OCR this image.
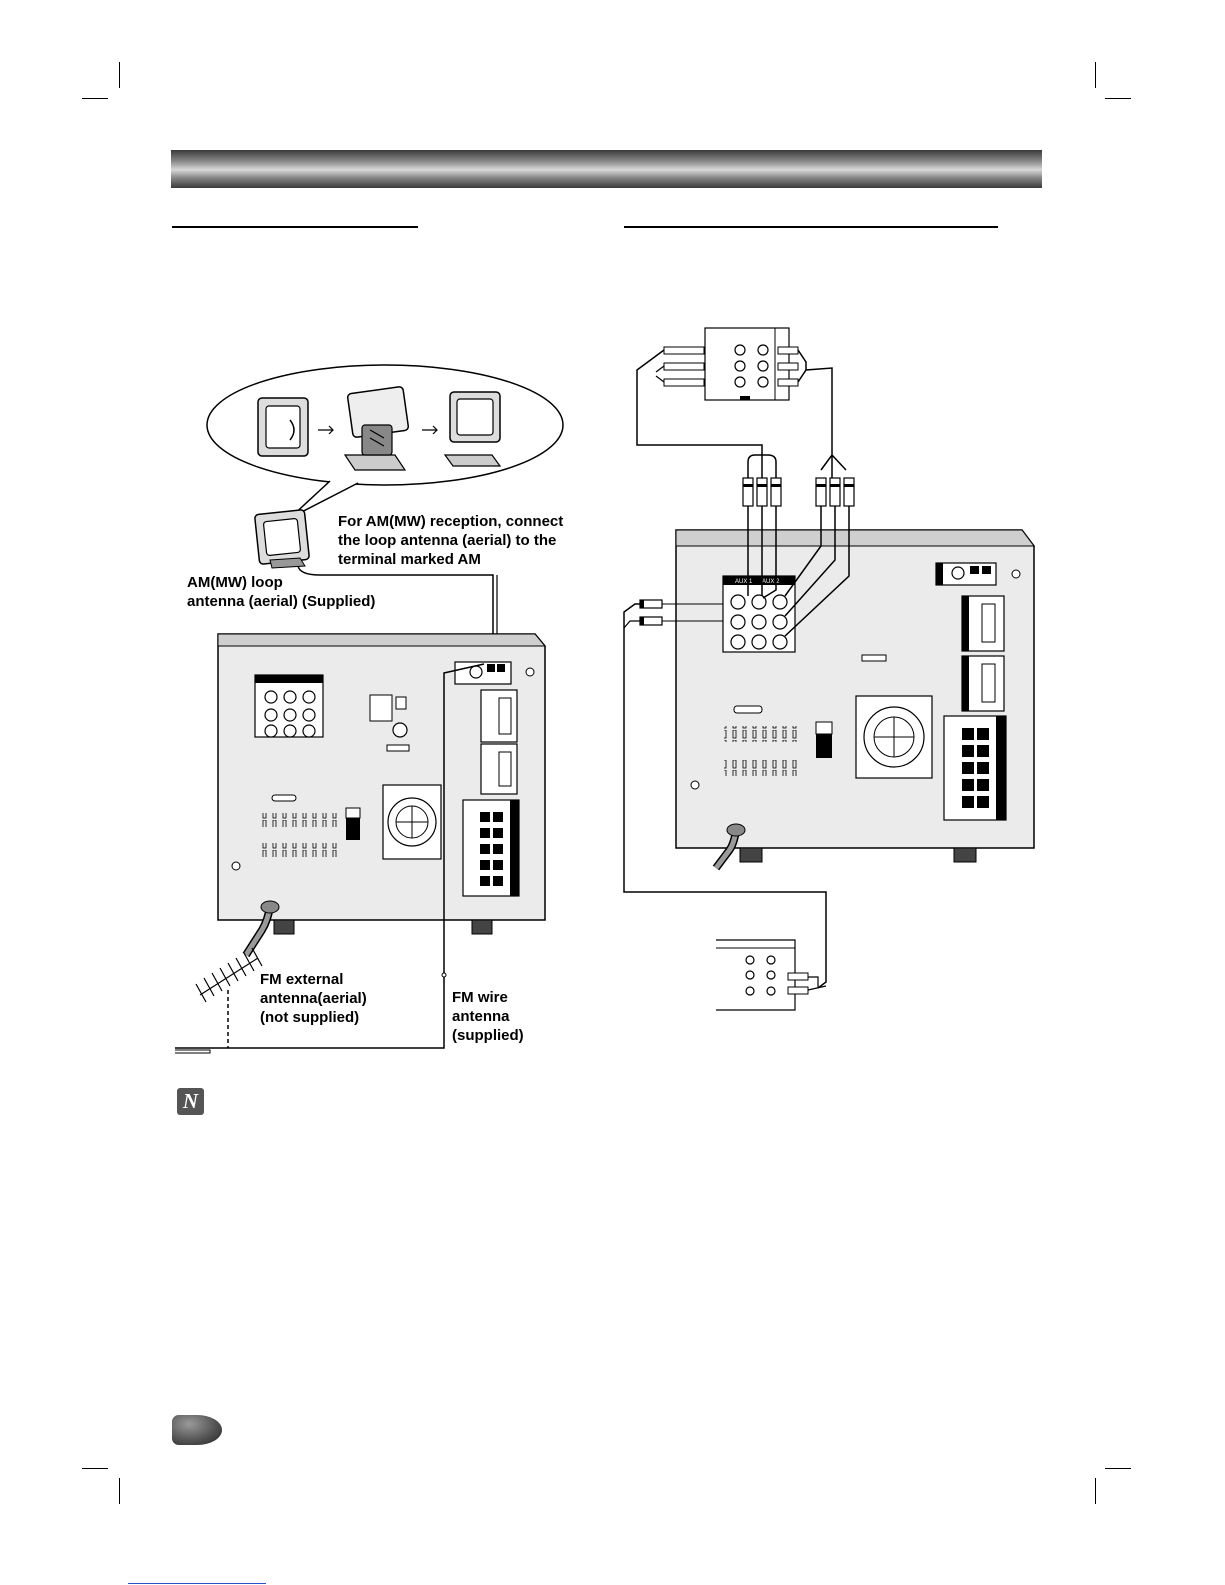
AUX 1 AUX 2
For AM(MW) reception, connect
the loop antenna (aerial) to the
terminal marked AM
AM(MW) loop
antenna (aerial) (Supplied)
FM external
antenna(aerial)
(not supplied)
FM wire
antenna
(supplied)
N
